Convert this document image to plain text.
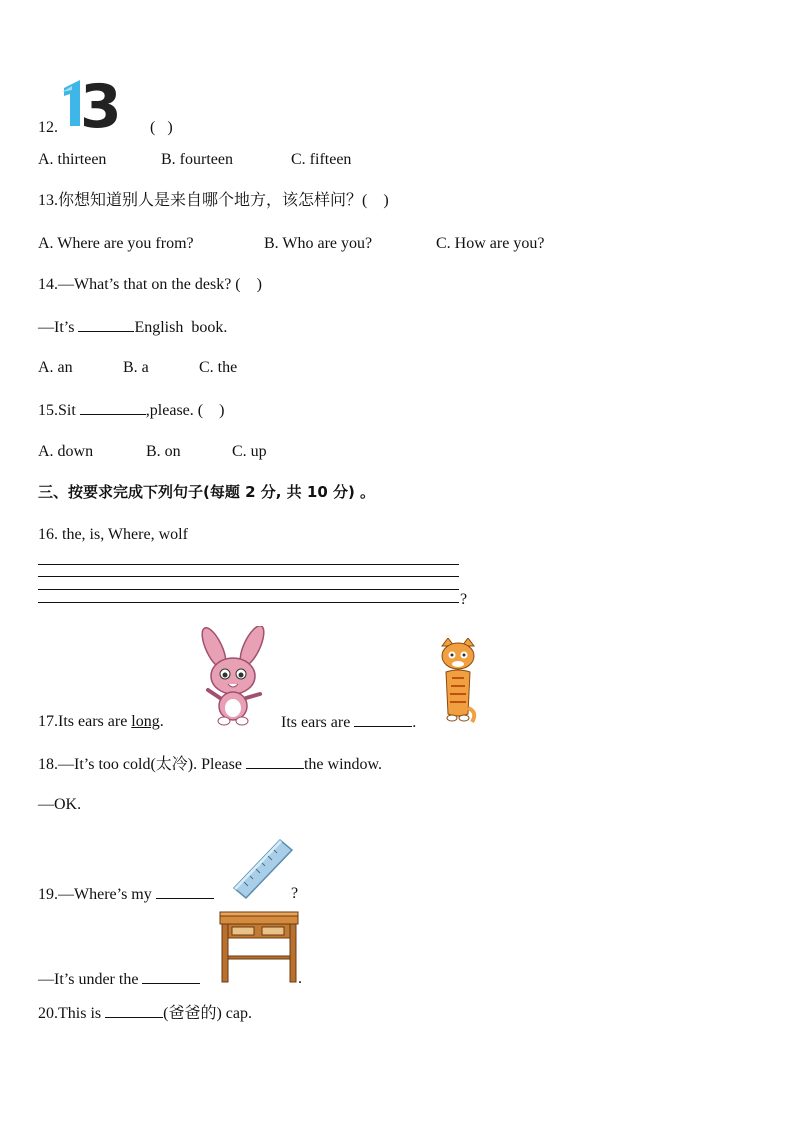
12. 3 (   )
A. thirteen	B. fourteen	C. fifteen
13.你想知道别人是来自哪个地方，该怎样问？(    )
A. Where are you from?	B. Who are you?	C. How are you?
14.—What’s that on the desk? (    )
—It’s	English  book.
A. an	B. a	C. the
15.Sit	,please. (    )
A. down	B. on	C. up
三、按要求完成下列句子(每题 2 分, 共 10 分) 。
16. the, is, Where, wolf
?
17.Its ears are long.	Its ears are	.
18.—It’s too cold(太冷). Please	the window.
—OK.
19.—Where’s my	?
—It’s under the	.
20.This is	(爸爸的) cap.
